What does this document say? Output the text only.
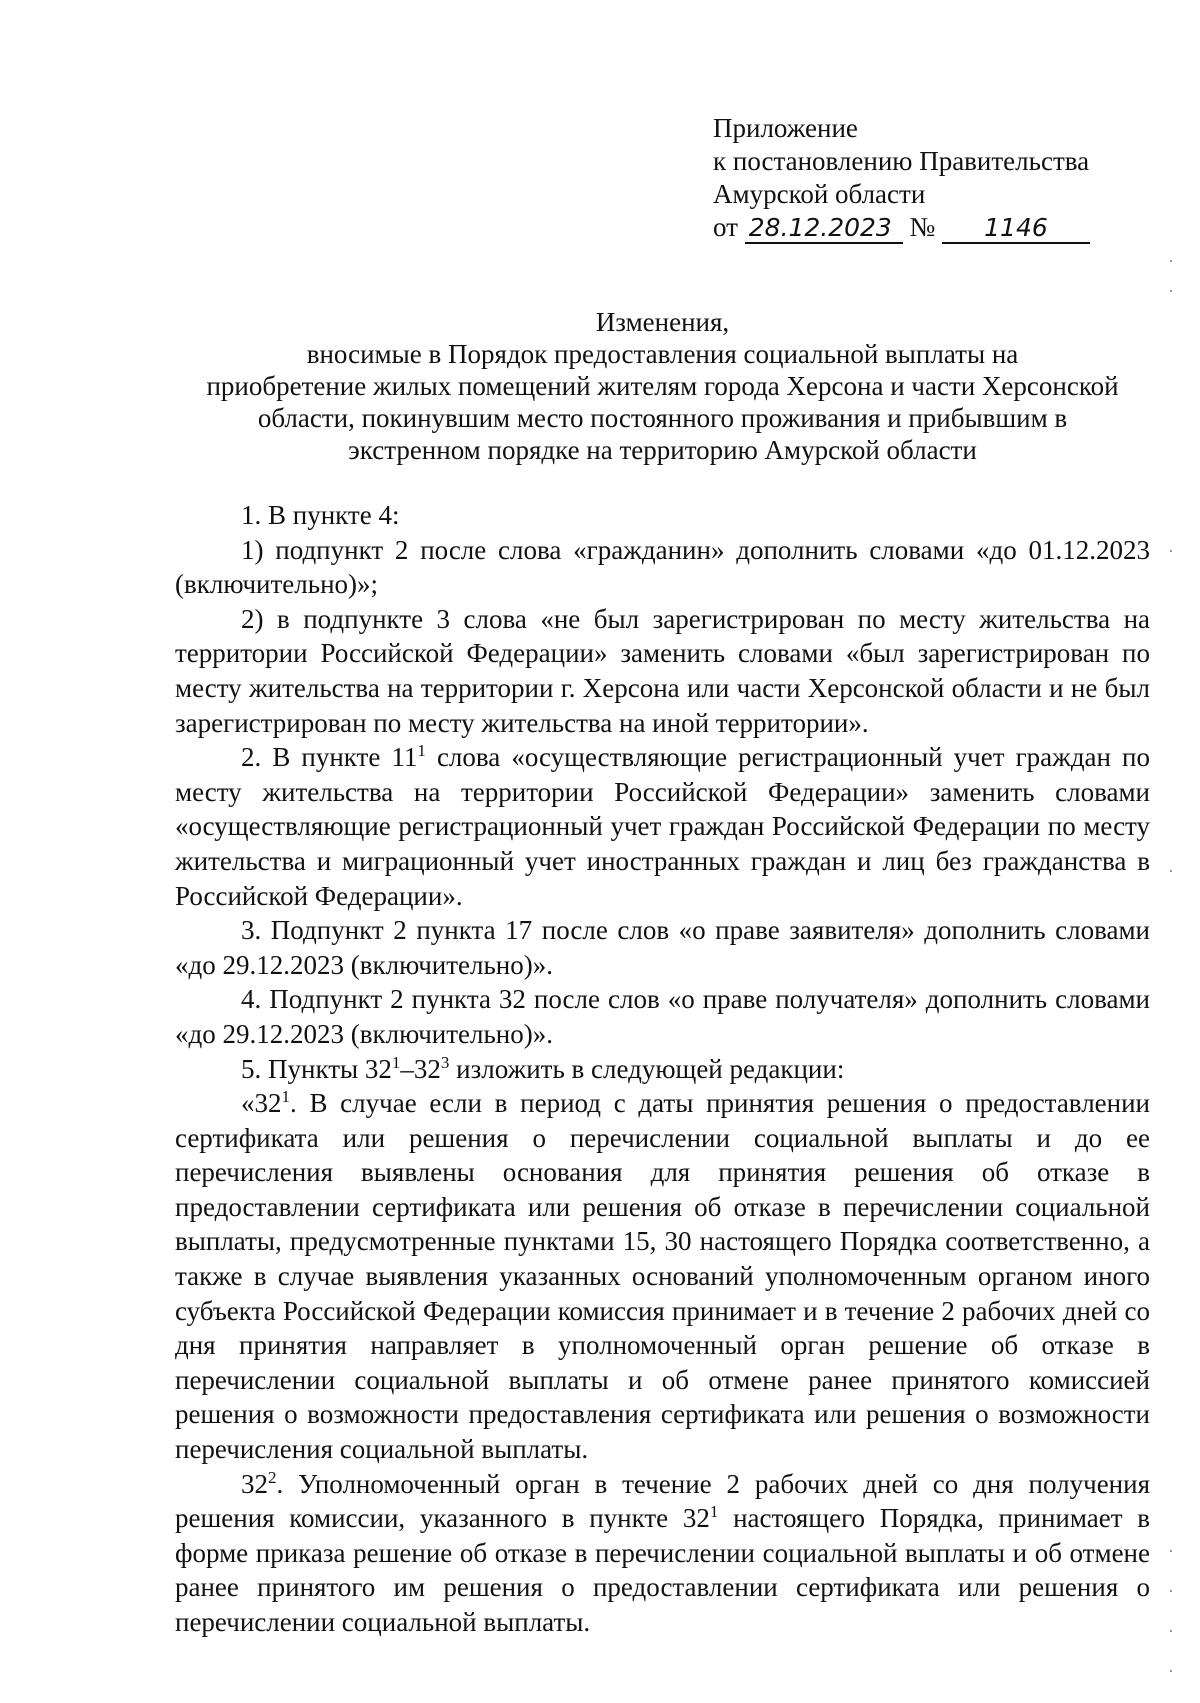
Приложение
к постановлению Правительства
Амурской области
от 28.12.2023 № 1146
Изменения,
вносимые в Порядок предоставления социальной выплаты на
приобретение жилых помещений жителям города Херсона и части Херсонской
области, покинувшим место постоянного проживания и прибывшим в
экстренном порядке на территорию Амурской области

1. В пункте 4:

1) подпункт 2 после слова «гражданин» дополнить словами «до 01.12.2023 (включительно)»;

2) в подпункте 3 слова «не был зарегистрирован по месту жительства на территории Российской Федерации» заменить словами «был зарегистрирован по месту жительства на территории г. Херсона или части Херсонской области и не был зарегистрирован по месту жительства на иной территории».

2. В пункте $11^1$ слова «осуществляющие регистрационный учет граждан по месту жительства на территории Российской Федерации» заменить словами «осуществляющие регистрационный учет граждан Российской Федерации по месту жительства и миграционный учет иностранных граждан и лиц без гражданства в Российской Федерации».

3. Подпункт 2 пункта 17 после слов «о праве заявителя» дополнить словами «до 29.12.2023 (включительно)».

4. Подпункт 2 пункта 32 после слов «о праве получателя» дополнить словами «до 29.12.2023 (включительно)».

5. Пункты $32^1-32^3$ изложить в следующей редакции:

«$32^1$. В случае если в период с даты принятия решения о предоставлении сертификата или решения о перечислении социальной выплаты и до ее перечисления выявлены основания для принятия решения об отказе в предоставлении сертификата или решения об отказе в перечислении социальной выплаты, предусмотренные пунктами 15, 30 настоящего Порядка соответственно, а также в случае выявления указанных оснований уполномоченным органом иного субъекта Российской Федерации комиссия принимает и в течение 2 рабочих дней со дня принятия направляет в уполномоченный орган решение об отказе в перечислении социальной выплаты и об отмене ранее принятого комиссией решения о возможности предоставления сертификата или решения о возможности перечисления социальной выплаты.

$32^2$. Уполномоченный орган в течение 2 рабочих дней со дня получения решения комиссии, указанного в пункте $32^1$ настоящего Порядка, принимает в форме приказа решение об отказе в перечислении социальной выплаты и об отмене ранее принятого им решения о предоставлении сертификата или решения о перечислении социальной выплаты.
